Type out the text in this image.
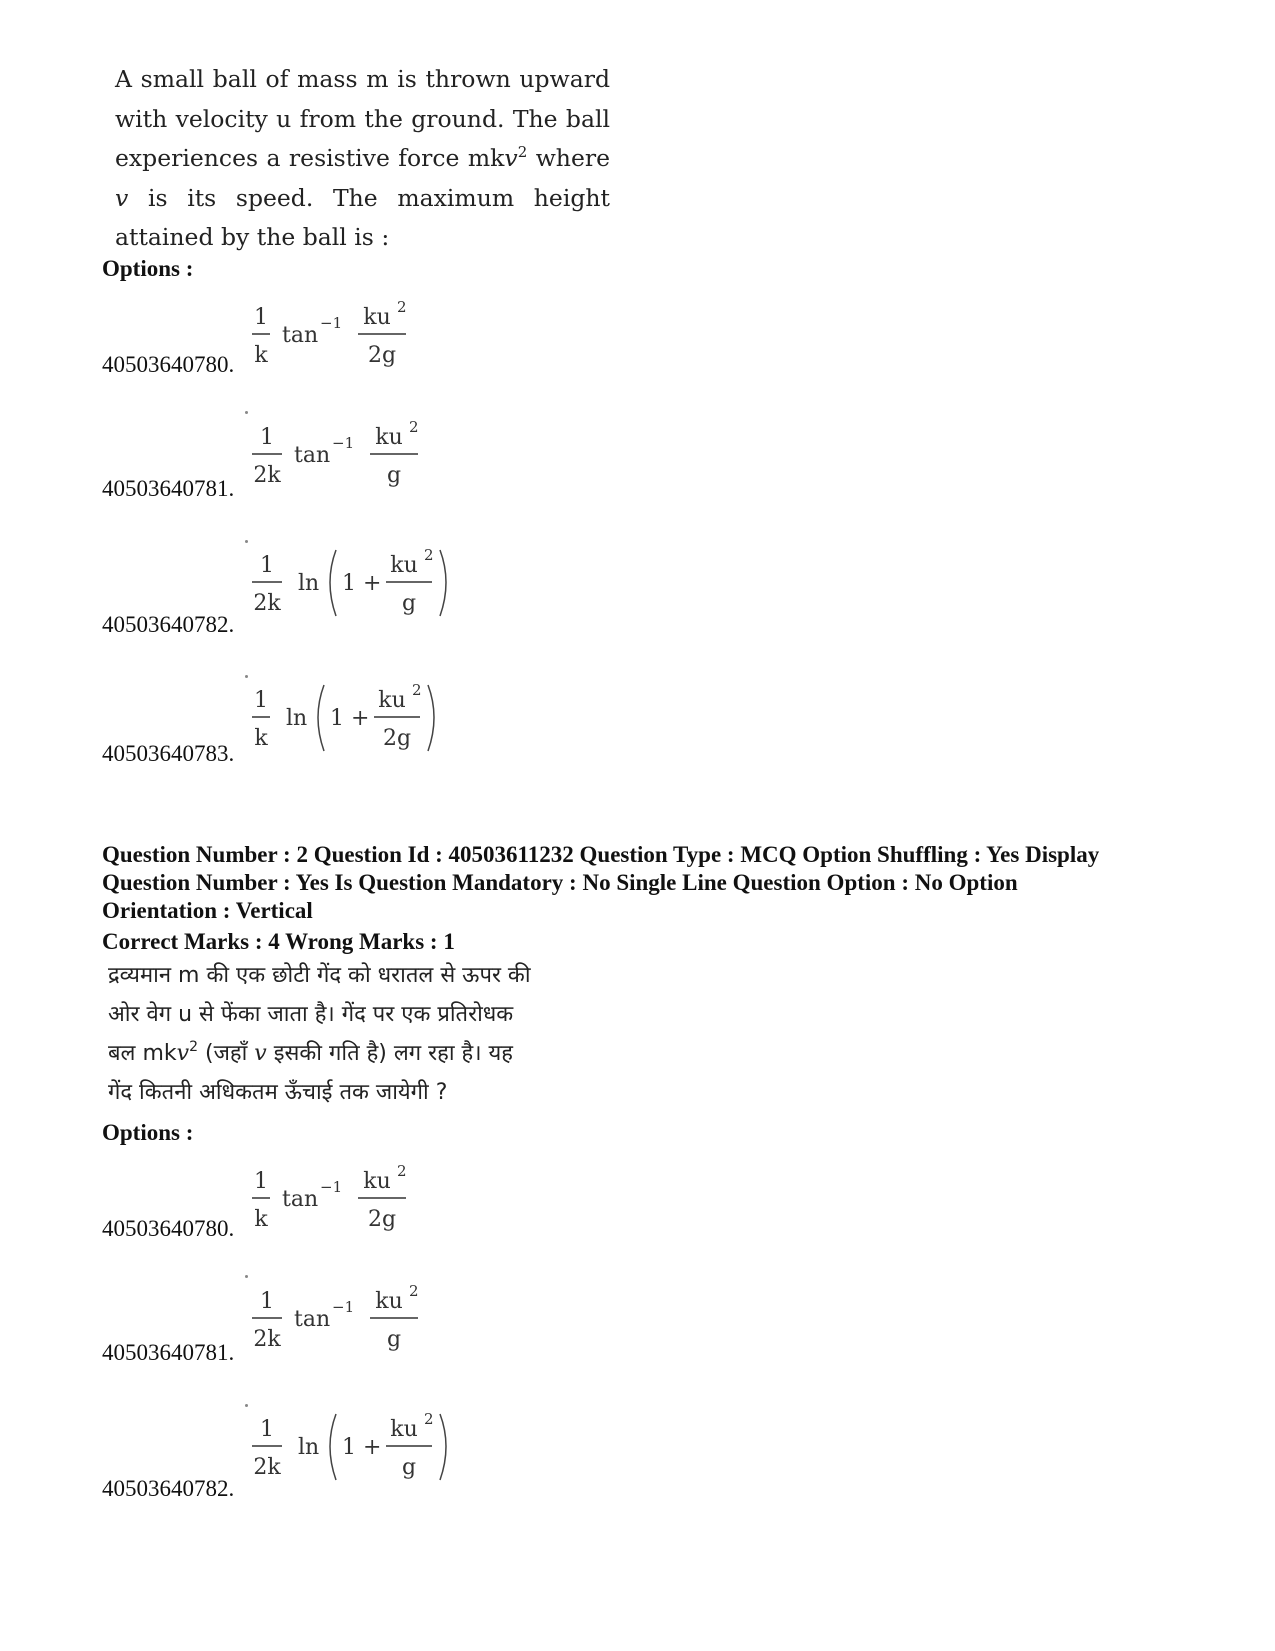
A small ball of mass m is thrown upward
with velocity u from the ground. The ball
experiences a resistive force mkv$^2$ where
v is its speed. The maximum height
attained by the ball is :
Options :
1
k
tan −1 ku 2
2g
40503640780.
1
2k
tan −1 ku 2
g
40503640781.
1
2k
ln 1 +
ku 2
g
40503640782.
1
k
ln 1 +
ku 2
2g
40503640783.
Question Number : 2 Question Id : 40503611232 Question Type : MCQ Option Shuffling : Yes Display
Question Number : Yes Is Question Mandatory : No Single Line Question Option : No Option
Orientation : Vertical
Correct Marks : 4 Wrong Marks : 1
द्रव्यमान m की एक छोटी गेंद को धरातल से ऊपर की
ओर वेग u से फेंका जाता है। गेंद पर एक प्रतिरोधक
बल mkv$^2$ (जहाँ v इसकी गति है) लग रहा है। यह
गेंद कितनी अधिकतम ऊँचाई तक जायेगी ?
Options :
1
k
tan −1 ku 2
2g
40503640780.
1
2k
tan −1 ku 2
g
40503640781.
1
2k
ln 1 +
ku 2
g
40503640782.
